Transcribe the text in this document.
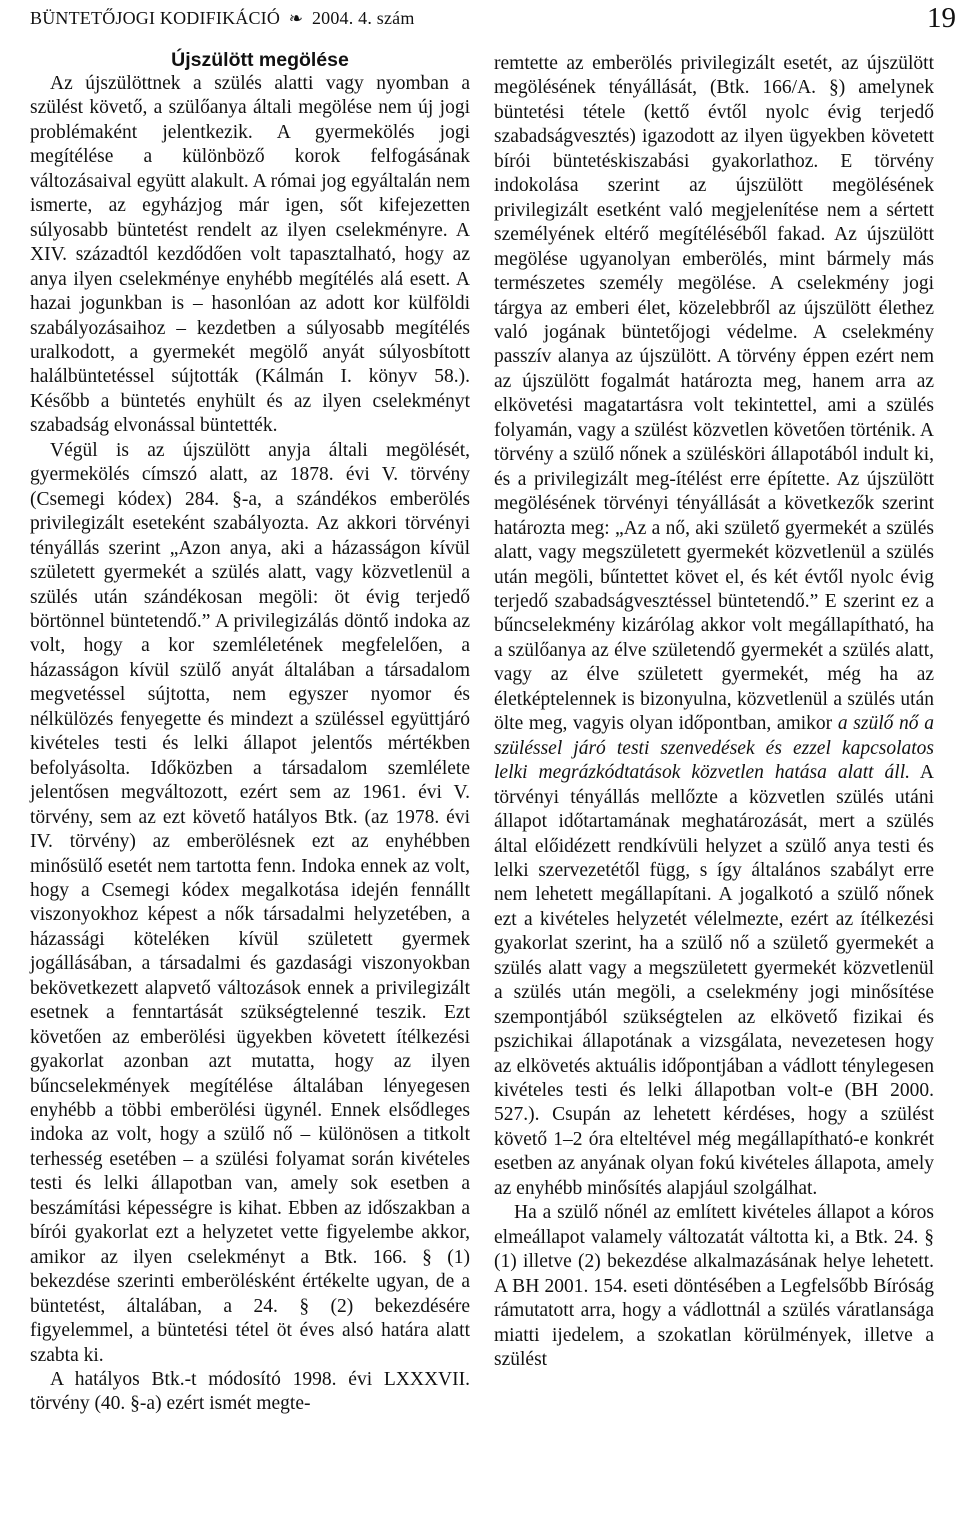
BÜNTETŐJOGI KODIFIKÁCIÓ ❧ 2004. 4. szám	19

Újszülött megölése

Az újszülöttnek a szülés alatti vagy nyomban a szülést követő, a szülőanya általi megölése nem új jogi problémaként jelentkezik. A gyermekölés jogi megítélése a különböző korok felfogásának változásaival együtt alakult. A római jog egyáltalán nem ismerte, az egyházjog már igen, sőt kifejezetten súlyosabb büntetést rendelt az ilyen cselekményre. A XIV. századtól kezdődően volt tapasztalható, hogy az anya ilyen cselekménye enyhébb megítélés alá esett. A hazai jogunkban is – hasonlóan az adott kor külföldi szabályozásaihoz – kezdetben a súlyosabb megítélés uralkodott, a gyermekét megölő anyát súlyosbított halálbüntetéssel sújtották (Kálmán I. könyv 58.). Később a büntetés enyhült és az ilyen cselekményt szabadság elvonással büntették.

Végül is az újszülött anyja általi megölését, gyermekölés címszó alatt, az 1878. évi V. törvény (Csemegi kódex) 284. §-a, a szándékos emberölés privilegizált eseteként szabályozta. Az akkori törvényi tényállás szerint „Azon anya, aki a házasságon kívül született gyermekét a szülés alatt, vagy közvetlenül a szülés után szándékosan megöli: öt évig terjedő börtönnel büntetendő.” A privilegizálás döntő indoka az volt, hogy a kor szemléletének megfelelően, a házasságon kívül szülő anyát általában a társadalom megvetéssel sújtotta, nem egyszer nyomor és nélkülözés fenyegette és mindezt a szüléssel együttjáró kivételes testi és lelki állapot jelentős mértékben befolyásolta. Időközben a társadalom szemlélete jelentősen megváltozott, ezért sem az 1961. évi V. törvény, sem az ezt követő hatályos Btk. (az 1978. évi IV. törvény) az emberölésnek ezt az enyhébben minősülő esetét nem tartotta fenn. Indoka ennek az volt, hogy a Csemegi kódex megalkotása idején fennállt viszonyokhoz képest a nők társadalmi helyzetében, a házassági köteléken kívül született gyermek jogállásában, a társadalmi és gazdasági viszonyokban bekövetkezett alapvető változások ennek a privilegizált esetnek a fenntartását szükségtelenné teszik. Ezt követően az emberölési ügyekben követett ítélkezési gyakorlat azonban azt mutatta, hogy az ilyen bűncselekmények megítélése általában lényegesen enyhébb a többi emberölési ügynél. Ennek elsődleges indoka az volt, hogy a szülő nő – különösen a titkolt terhesség esetében – a szülési folyamat során kivételes testi és lelki állapotban van, amely sok esetben a beszámítási képességre is kihat. Ebben az időszakban a bírói gyakorlat ezt a helyzetet vette figyelembe akkor, amikor az ilyen cselekményt a Btk. 166. § (1) bekezdése szerinti emberölésként értékelte ugyan, de a büntetést, általában, a 24. § (2) bekezdésére figyelemmel, a büntetési tétel öt éves alsó határa alatt szabta ki.

A hatályos Btk.-t módosító 1998. évi LXXXVII. törvény (40. §-a) ezért ismét megte-

remtette az emberölés privilegizált esetét, az újszülött megölésének tényállását, (Btk. 166/A. §) amelynek büntetési tétele (kettő évtől nyolc évig terjedő szabadságvesztés) igazodott az ilyen ügyekben követett bírói büntetéskiszabási gyakorlathoz. E törvény indokolása szerint az újszülött megölésének privilegizált esetként való megjelenítése nem a sértett személyének eltérő megítéléséből fakad. Az újszülött megölése ugyanolyan emberölés, mint bármely más természetes személy megölése. A cselekmény jogi tárgya az emberi élet, közelebbről az újszülött élethez való jogának büntetőjogi védelme. A cselekmény passzív alanya az újszülött. A törvény éppen ezért nem az újszülött fogalmát határozta meg, hanem arra az elkövetési magatartásra volt tekintettel, ami a szülés folyamán, vagy a szülést közvetlen követően történik. A törvény a szülő nőnek a szülésköri állapotából indult ki, és a privilegizált meg-ítélést erre építette. Az újszülött megölésének törvényi tényállását a következők szerint határozta meg: „Az a nő, aki születő gyermekét a szülés alatt, vagy megszületett gyermekét közvetlenül a szülés után megöli, bűntettet követ el, és két évtől nyolc évig terjedő szabadságvesztéssel büntetendő.” E szerint ez a bűncselekmény kizárólag akkor volt megállapítható, ha a szülőanya az élve születendő gyermekét a szülés alatt, vagy az élve született gyermekét, még ha az életképtelennek is bizonyulna, közvetlenül a szülés után ölte meg, vagyis olyan időpontban, amikor a szülő nő a szüléssel járó testi szenvedések és ezzel kapcsolatos lelki megrázkódtatások közvetlen hatása alatt áll. A törvényi tényállás mellőzte a közvetlen szülés utáni állapot időtartamának meghatározását, mert a szülés által előidézett rendkívüli helyzet a szülő anya testi és lelki szervezetétől függ, s így általános szabályt erre nem lehetett megállapítani. A jogalkotó a szülő nőnek ezt a kivételes helyzetét vélelmezte, ezért az ítélkezési gyakorlat szerint, ha a szülő nő a születő gyermekét a szülés alatt vagy a megszületett gyermekét közvetlenül a szülés után megöli, a cselekmény jogi minősítése szempontjából szükségtelen az elkövető fizikai és pszichikai állapotának a vizsgálata, nevezetesen hogy az elkövetés aktuális időpontjában a vádlott ténylegesen kivételes testi és lelki állapotban volt-e (BH 2000. 527.). Csupán az lehetett kérdéses, hogy a szülést követő 1–2 óra elteltével még megállapítható-e konkrét esetben az anyának olyan fokú kivételes állapota, amely az enyhébb minősítés alapjául szolgálhat.

Ha a szülő nőnél az említett kivételes állapot a kóros elmeállapot valamely változatát váltotta ki, a Btk. 24. § (1) illetve (2) bekezdése alkalmazásának helye lehetett. A BH 2001. 154. eseti döntésében a Legfelsőbb Bíróság rámutatott arra, hogy a vádlottnál a szülés váratlansága miatti ijedelem, a szokatlan körülmények, illetve a szülést
